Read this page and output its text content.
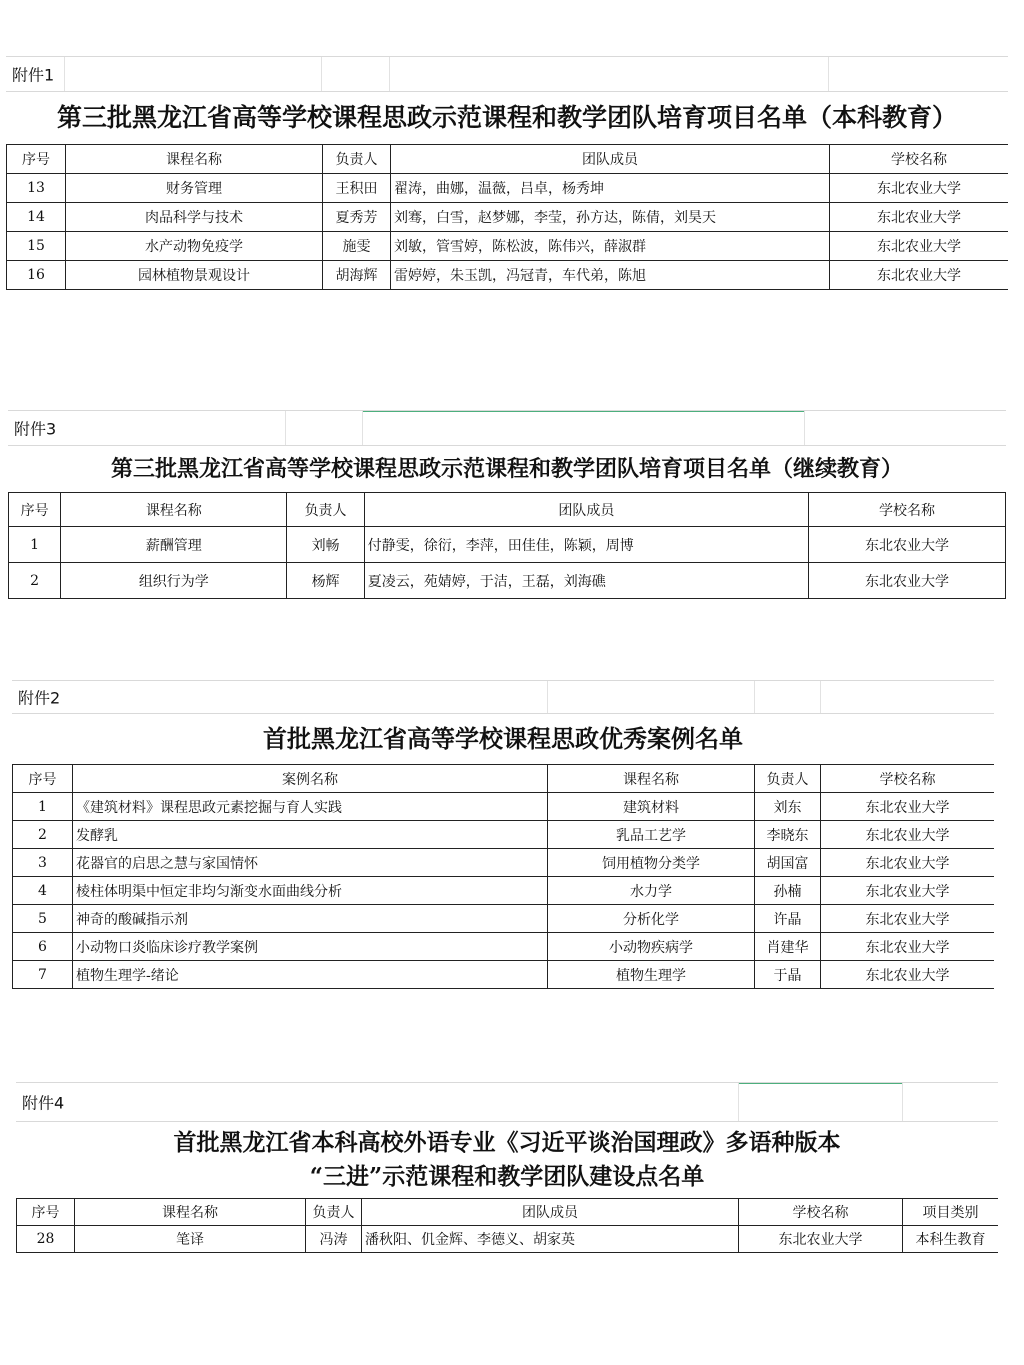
附件1
第三批黑龙江省高等学校课程思政示范课程和教学团队培育项目名单（本科教育）
序号	课程名称	负责人	团队成员	学校名称
13	财务管理	王积田	翟涛，曲娜，温薇，吕卓，杨秀坤	东北农业大学
14	肉品科学与技术	夏秀芳	刘骞，白雪，赵梦娜，李莹，孙方达，陈倩，刘昊天	东北农业大学
15	水产动物免疫学	施雯	刘敏，管雪婷，陈松波，陈伟兴，薛淑群	东北农业大学
16	园林植物景观设计	胡海辉	雷婷婷，朱玉凯，冯冠青，车代弟，陈旭	东北农业大学
附件3
第三批黑龙江省高等学校课程思政示范课程和教学团队培育项目名单（继续教育）
序号	课程名称	负责人	团队成员	学校名称
1	薪酬管理	刘畅	付静雯，徐衍，李萍，田佳佳，陈颖，周博	东北农业大学
2	组织行为学	杨辉	夏凌云，苑婧婷，于洁，王磊，刘海礁	东北农业大学
附件2
首批黑龙江省高等学校课程思政优秀案例名单
序号	案例名称	课程名称	负责人	学校名称
1	《建筑材料》课程思政元素挖掘与育人实践	建筑材料	刘东	东北农业大学
2	发酵乳	乳品工艺学	李晓东	东北农业大学
3	花器官的启思之慧与家国情怀	饲用植物分类学	胡国富	东北农业大学
4	棱柱体明渠中恒定非均匀渐变水面曲线分析	水力学	孙楠	东北农业大学
5	神奇的酸碱指示剂	分析化学	许晶	东北农业大学
6	小动物口炎临床诊疗教学案例	小动物疾病学	肖建华	东北农业大学
7	植物生理学-绪论	植物生理学	于晶	东北农业大学
附件4
首批黑龙江省本科高校外语专业《习近平谈治国理政》多语种版本
“三进”示范课程和教学团队建设点名单
序号	课程名称	负责人	团队成员	学校名称	项目类别
28	笔译	冯涛	潘秋阳、仉金辉、李德义、胡家英	东北农业大学	本科生教育
